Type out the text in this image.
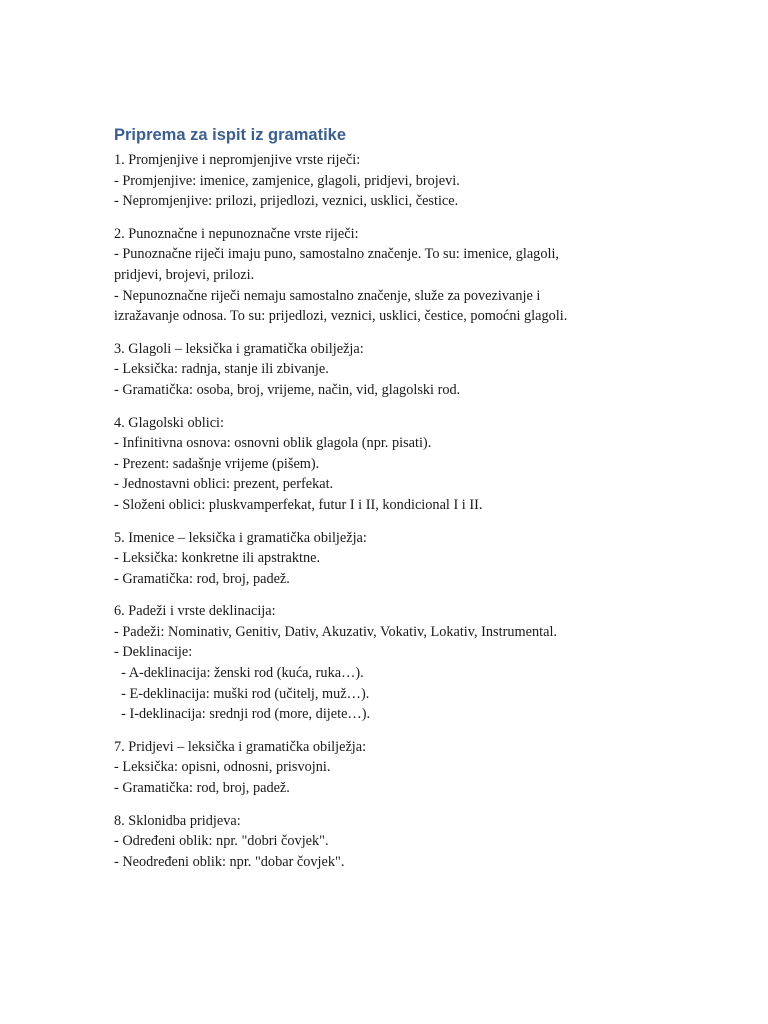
Priprema za ispit iz gramatike
1. Promjenjive i nepromjenjive vrste riječi:
- Promjenjive: imenice, zamjenice, glagoli, pridjevi, brojevi.
- Nepromjenjive: prilozi, prijedlozi, veznici, usklici, čestice.
2. Punoznačne i nepunoznačne vrste riječi:
- Punoznačne riječi imaju puno, samostalno značenje. To su: imenice, glagoli,
pridjevi, brojevi, prilozi.
- Nepunoznačne riječi nemaju samostalno značenje, služe za povezivanje i
izražavanje odnosa. To su: prijedlozi, veznici, usklici, čestice, pomoćni glagoli.
3. Glagoli – leksička i gramatička obilježja:
- Leksička: radnja, stanje ili zbivanje.
- Gramatička: osoba, broj, vrijeme, način, vid, glagolski rod.
4. Glagolski oblici:
- Infinitivna osnova: osnovni oblik glagola (npr. pisati).
- Prezent: sadašnje vrijeme (pišem).
- Jednostavni oblici: prezent, perfekat.
- Složeni oblici: pluskvamperfekat, futur I i II, kondicional I i II.
5. Imenice – leksička i gramatička obilježja:
- Leksička: konkretne ili apstraktne.
- Gramatička: rod, broj, padež.
6. Padeži i vrste deklinacija:
- Padeži: Nominativ, Genitiv, Dativ, Akuzativ, Vokativ, Lokativ, Instrumental.
- Deklinacije:
- A-deklinacija: ženski rod (kuća, ruka…).
- E-deklinacija: muški rod (učitelj, muž…).
- I-deklinacija: srednji rod (more, dijete…).
7. Pridjevi – leksička i gramatička obilježja:
- Leksička: opisni, odnosni, prisvojni.
- Gramatička: rod, broj, padež.
8. Sklonidba pridjeva:
- Određeni oblik: npr. "dobri čovjek".
- Neodređeni oblik: npr. "dobar čovjek".
